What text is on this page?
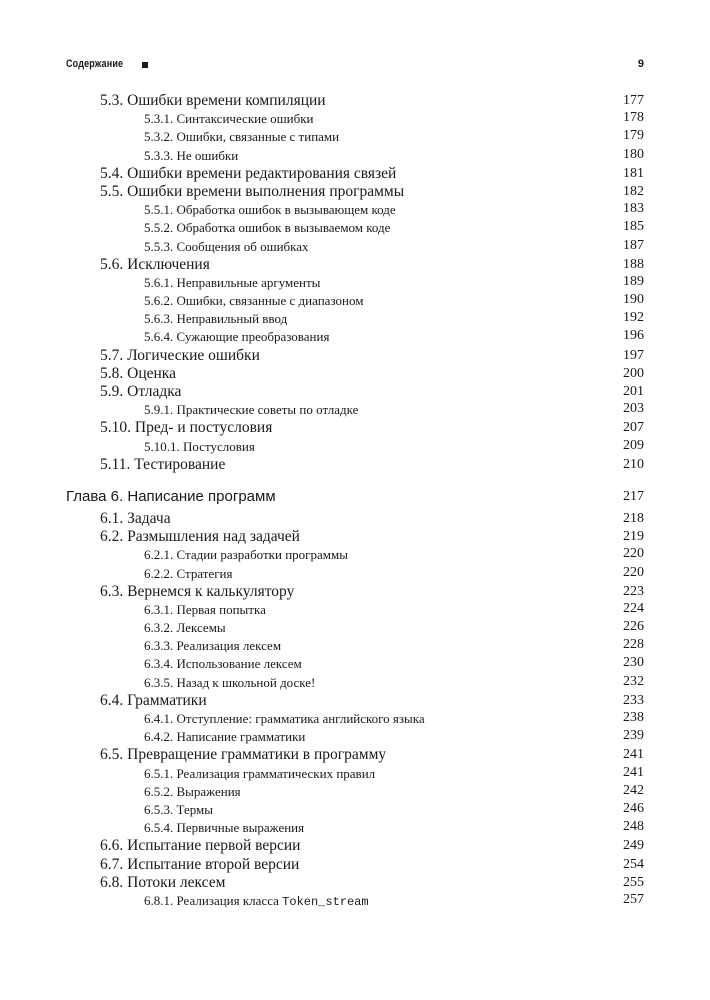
Содержание	9
5.3. Ошибки времени компиляции	177
5.3.1. Синтаксические ошибки	178
5.3.2. Ошибки, связанные с типами	179
5.3.3. Не ошибки	180
5.4. Ошибки времени редактирования связей	181
5.5. Ошибки времени выполнения программы	182
5.5.1. Обработка ошибок в вызывающем коде	183
5.5.2. Обработка ошибок в вызываемом коде	185
5.5.3. Сообщения об ошибках	187
5.6. Исключения	188
5.6.1. Неправильные аргументы	189
5.6.2. Ошибки, связанные с диапазоном	190
5.6.3. Неправильный ввод	192
5.6.4. Сужающие преобразования	196
5.7. Логические ошибки	197
5.8. Оценка	200
5.9. Отладка	201
5.9.1. Практические советы по отладке	203
5.10. Пред- и постусловия	207
5.10.1. Постусловия	209
5.11. Тестирование	210
Глава 6. Написание программ	217
6.1. Задача	218
6.2. Размышления над задачей	219
6.2.1. Стадии разработки программы	220
6.2.2. Стратегия	220
6.3. Вернемся к калькулятору	223
6.3.1. Первая попытка	224
6.3.2. Лексемы	226
6.3.3. Реализация лексем	228
6.3.4. Использование лексем	230
6.3.5. Назад к школьной доске!	232
6.4. Грамматики	233
6.4.1. Отступление: грамматика английского языка	238
6.4.2. Написание грамматики	239
6.5. Превращение грамматики в программу	241
6.5.1. Реализация грамматических правил	241
6.5.2. Выражения	242
6.5.3. Термы	246
6.5.4. Первичные выражения	248
6.6. Испытание первой версии	249
6.7. Испытание второй версии	254
6.8. Потоки лексем	255
6.8.1. Реализация класса Token_stream	257
